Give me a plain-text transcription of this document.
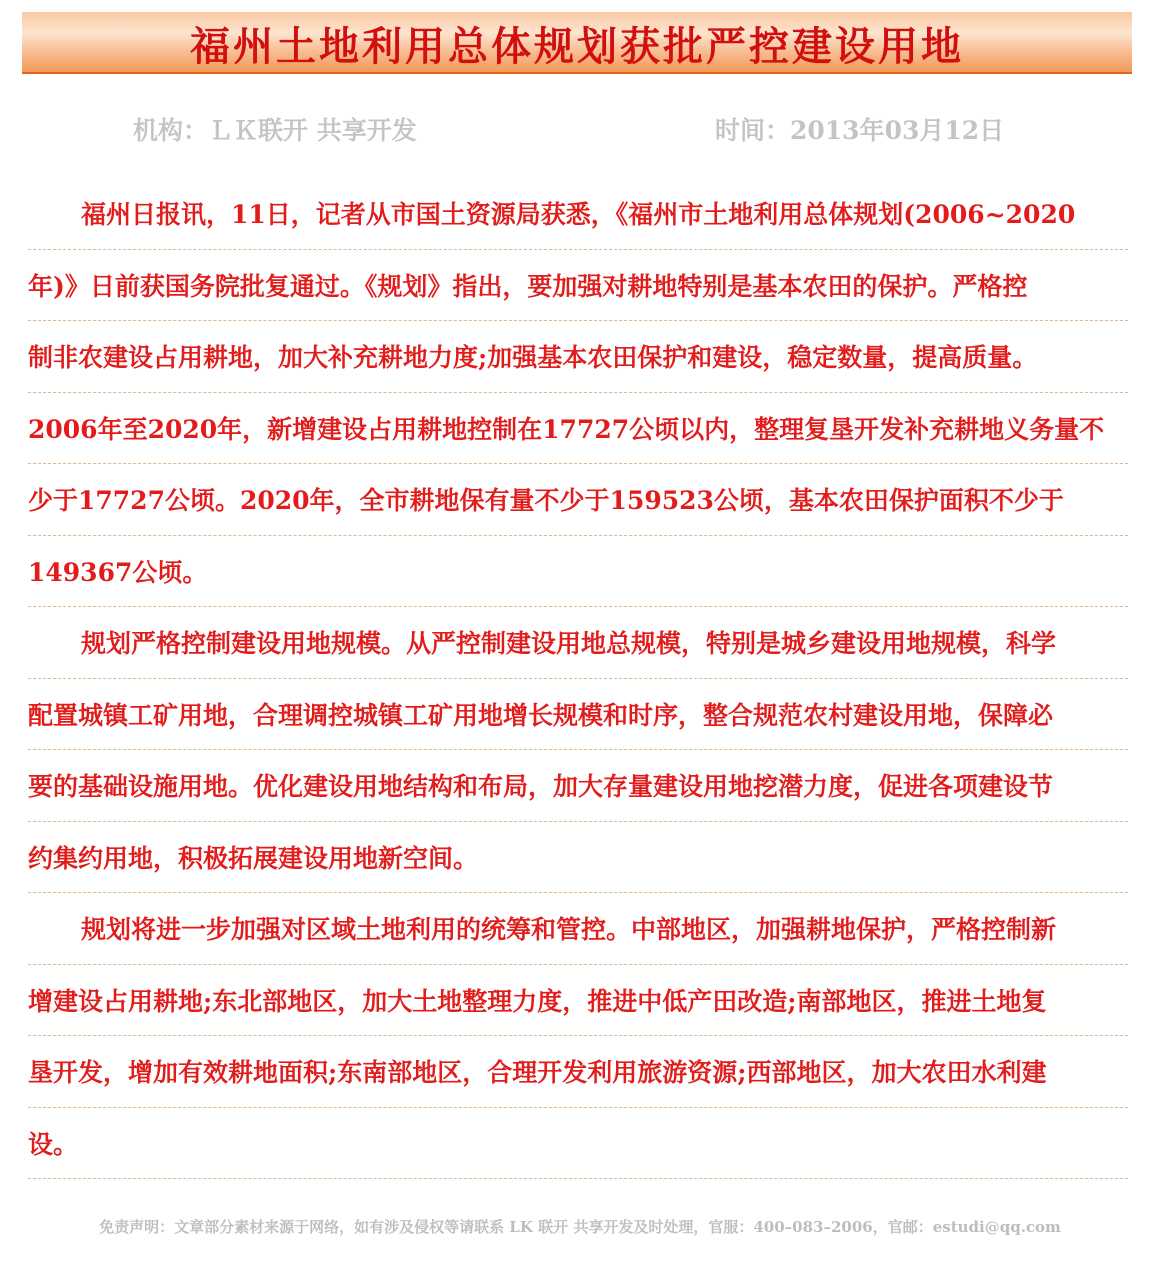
福州土地利用总体规划获批严控建设用地
机构：ＬＫ联开 共享开发	时间：2013年03月12日
福州日报讯，11日，记者从市国土资源局获悉，《福州市土地利用总体规划(2006~2020
年)》日前获国务院批复通过。《规划》指出，要加强对耕地特别是基本农田的保护。严格控
制非农建设占用耕地，加大补充耕地力度;加强基本农田保护和建设，稳定数量，提高质量。
2006年至2020年，新增建设占用耕地控制在17727公顷以内，整理复垦开发补充耕地义务量不
少于17727公顷。2020年，全市耕地保有量不少于159523公顷，基本农田保护面积不少于
149367公顷。
规划严格控制建设用地规模。从严控制建设用地总规模，特别是城乡建设用地规模，科学
配置城镇工矿用地，合理调控城镇工矿用地增长规模和时序，整合规范农村建设用地，保障必
要的基础设施用地。优化建设用地结构和布局，加大存量建设用地挖潜力度，促进各项建设节
约集约用地，积极拓展建设用地新空间。
规划将进一步加强对区域土地利用的统筹和管控。中部地区，加强耕地保护，严格控制新
增建设占用耕地;东北部地区，加大土地整理力度，推进中低产田改造;南部地区，推进土地复
垦开发，增加有效耕地面积;东南部地区，合理开发利用旅游资源;西部地区，加大农田水利建
设。
免责声明：文章部分素材来源于网络，如有涉及侵权等请联系 LK 联开 共享开发及时处理，官服：400–083–2006，官邮：estudi@qq.com
